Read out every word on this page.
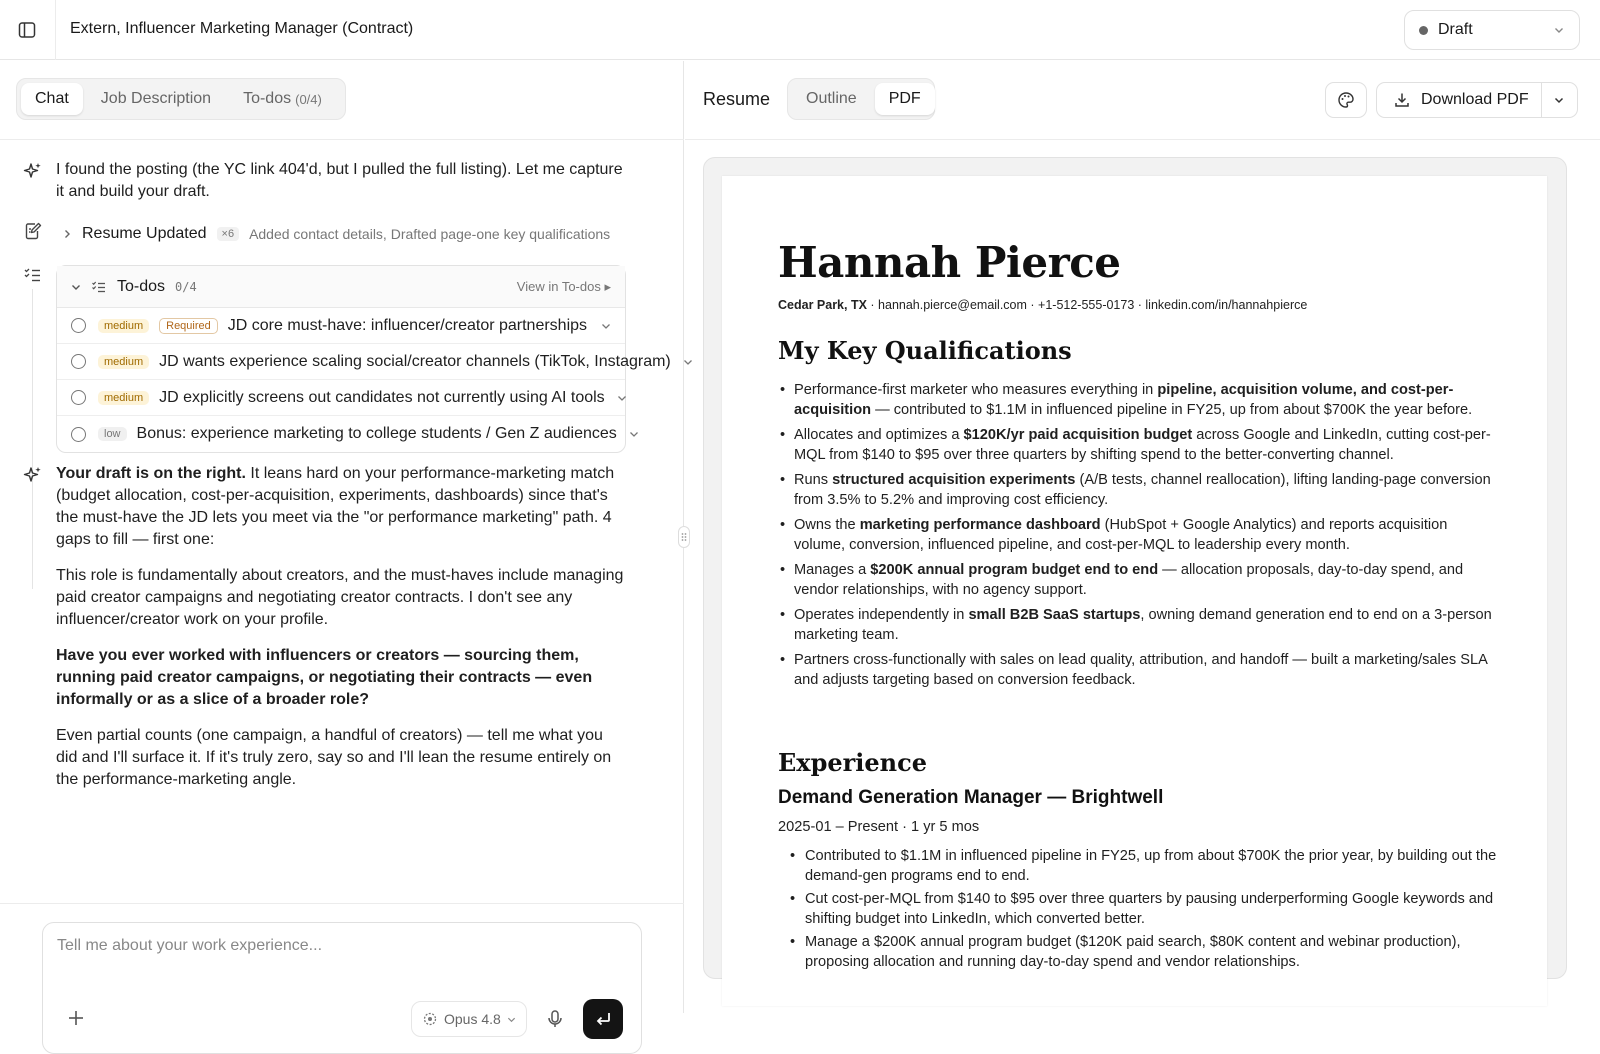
Extern, Influencer Marketing Manager (Contract)	Draft
Chat Job Description To-dos (0/4)
I found the posting (the YC link 404'd, but I pulled the full listing). Let me capture it and build your draft.
Resume Updated	×6	Added contact details, Drafted page-one key qualifications
To-dos 0/4	View in To-dos ▸
medium	Required	JD core must-have: influencer/creator partnerships
medium	JD wants experience scaling social/creator channels (TikTok, Instagram)
medium	JD explicitly screens out candidates not currently using AI tools
low	Bonus: experience marketing to college students / Gen Z audiences

Your draft is on the right. It leans hard on your performance-marketing match (budget allocation, cost-per-acquisition, experiments, dashboards) since that's the must-have the JD lets you meet via the "or performance marketing" path. 4 gaps to fill — first one:

This role is fundamentally about creators, and the must-haves include managing paid creator campaigns and negotiating creator contracts. I don't see any influencer/creator work on your profile.

Have you ever worked with influencers or creators — sourcing them, running paid creator campaigns, or negotiating their contracts — even informally or as a slice of a broader role?

Even partial counts (one campaign, a handful of creators) — tell me what you did and I'll surface it. If it's truly zero, say so and I'll lean the resume entirely on the performance-marketing angle.

Tell me about your work experience...
Opus 4.8
Resume Outline PDF	Download PDF
Hannah Pierce
Cedar Park, TX · hannah.pierce@email.com · +1-512-555-0173 · linkedin.com/in/hannahpierce
My Key Qualifications
• Performance-first marketer who measures everything in pipeline, acquisition volume, and cost-per-acquisition — contributed to $1.1M in influenced pipeline in FY25, up from about $700K the year before.
• Allocates and optimizes a $120K/yr paid acquisition budget across Google and LinkedIn, cutting cost-per-MQL from $140 to $95 over three quarters by shifting spend to the better-converting channel.
• Runs structured acquisition experiments (A/B tests, channel reallocation), lifting landing-page conversion from 3.5% to 5.2% and improving cost efficiency.
• Owns the marketing performance dashboard (HubSpot + Google Analytics) and reports acquisition volume, conversion, influenced pipeline, and cost-per-MQL to leadership every month.
• Manages a $200K annual program budget end to end — allocation proposals, day-to-day spend, and vendor relationships, with no agency support.
• Operates independently in small B2B SaaS startups, owning demand generation end to end on a 3-person marketing team.
• Partners cross-functionally with sales on lead quality, attribution, and handoff — built a marketing/sales SLA and adjusts targeting based on conversion feedback.
Experience
Demand Generation Manager — Brightwell
2025-01 – Present · 1 yr 5 mos
• Contributed to $1.1M in influenced pipeline in FY25, up from about $700K the prior year, by building out the demand-gen programs end to end.
• Cut cost-per-MQL from $140 to $95 over three quarters by pausing underperforming Google keywords and shifting budget into LinkedIn, which converted better.
• Manage a $200K annual program budget ($120K paid search, $80K content and webinar production), proposing allocation and running day-to-day spend and vendor relationships.
